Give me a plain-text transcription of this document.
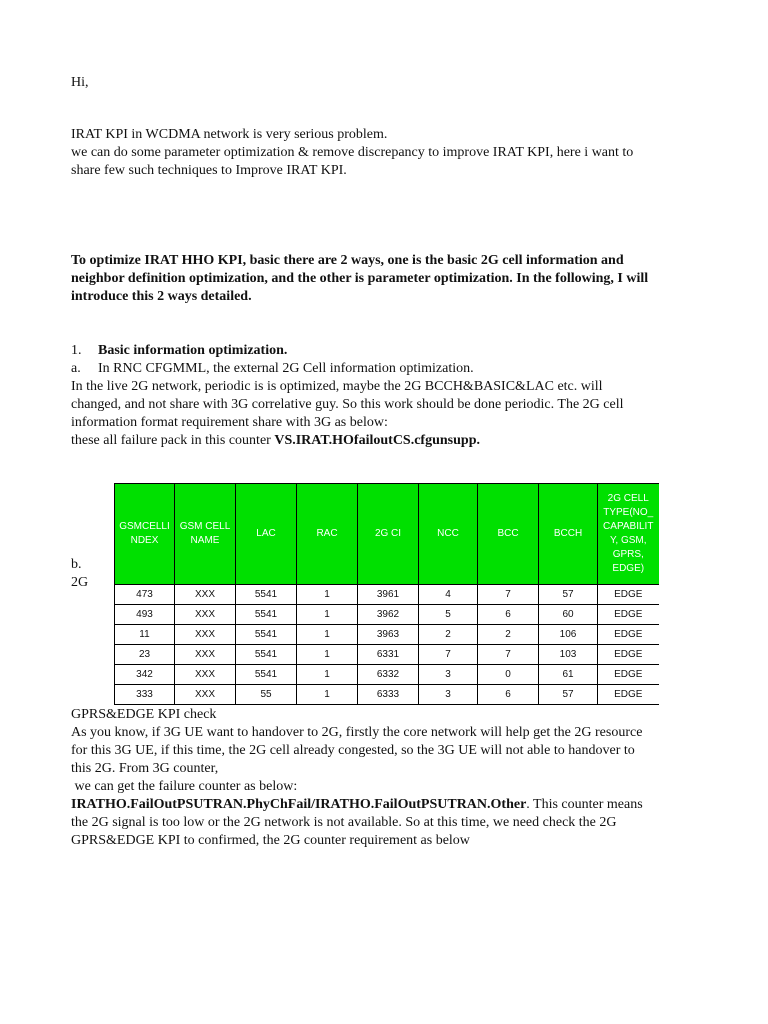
Hi,
IRAT KPI in WCDMA network is very serious problem.
we can do some parameter optimization & remove discrepancy to improve IRAT KPI, here i want to
share few such techniques to Improve IRAT KPI.
To optimize IRAT HHO KPI, basic there are 2 ways, one is the basic 2G cell information and
neighbor definition optimization, and the other is parameter optimization. In the following, I will
introduce this 2 ways detailed.
1. Basic information optimization.
a. In RNC CFGMML, the external 2G Cell information optimization.
In the live 2G network, periodic is is optimized, maybe the 2G BCCH&BASIC&LAC etc. will
changed, and not share with 3G correlative guy. So this work should be done periodic. The 2G cell
information format requirement share with 3G as below:
these all failure pack in this counter VS.IRAT.HOfailoutCS.cfgunsupp.
b.
2G
GSMCELLI NDEX	GSM CELL NAME	LAC	RAC	2G CI	NCC	BCC	BCCH	2G CELL TYPE(NO_ CAPABILIT Y, GSM, GPRS, EDGE)
473	XXX	5541	1	3961	4	7	57	EDGE
493	XXX	5541	1	3962	5	6	60	EDGE
11	XXX	5541	1	3963	2	2	106	EDGE
23	XXX	5541	1	6331	7	7	103	EDGE
342	XXX	5541	1	6332	3	0	61	EDGE
333	XXX	55	1	6333	3	6	57	EDGE
GPRS&EDGE KPI check
As you know, if 3G UE want to handover to 2G, firstly the core network will help get the 2G resource
for this 3G UE, if this time, the 2G cell already congested, so the 3G UE will not able to handover to
this 2G. From 3G counter,
we can get the failure counter as below:
IRATHO.FailOutPSUTRAN.PhyChFail/IRATHO.FailOutPSUTRAN.Other. This counter means
the 2G signal is too low or the 2G network is not available. So at this time, we need check the 2G
GPRS&EDGE KPI to confirmed, the 2G counter requirement as below
